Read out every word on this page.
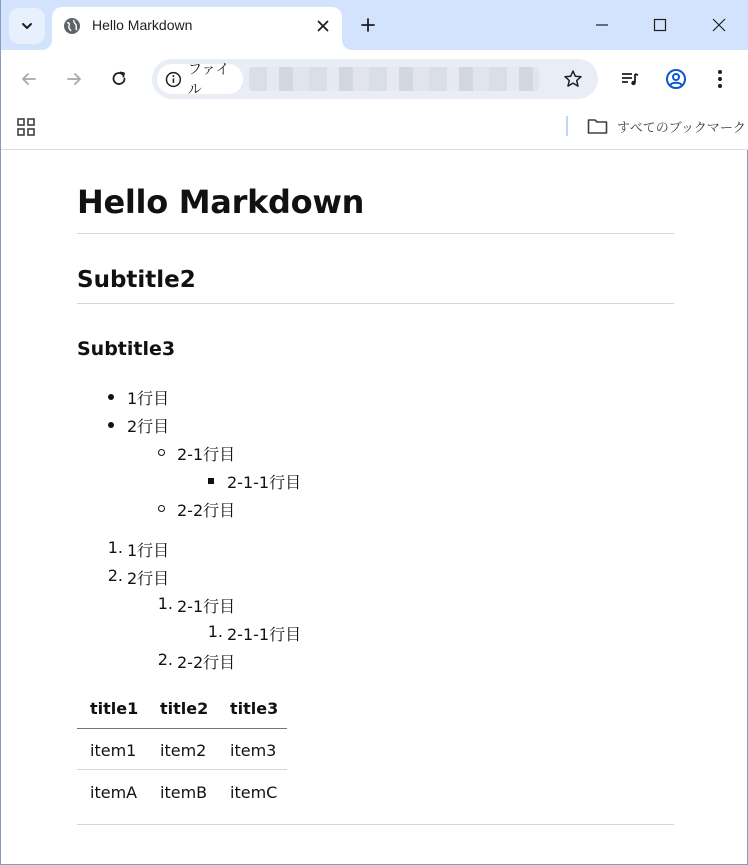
Hello Markdown
ファイル
すべてのブックマーク
Hello Markdown
Subtitle2
Subtitle3
1行目
2行目
2-1行目
2-1-1行目
2-2行目
1. 1行目
2. 2行目
1. 2-1行目
1. 2-1-1行目
2. 2-2行目
title1 title2 title3
item1 item2 item3
itemA itemB itemC
